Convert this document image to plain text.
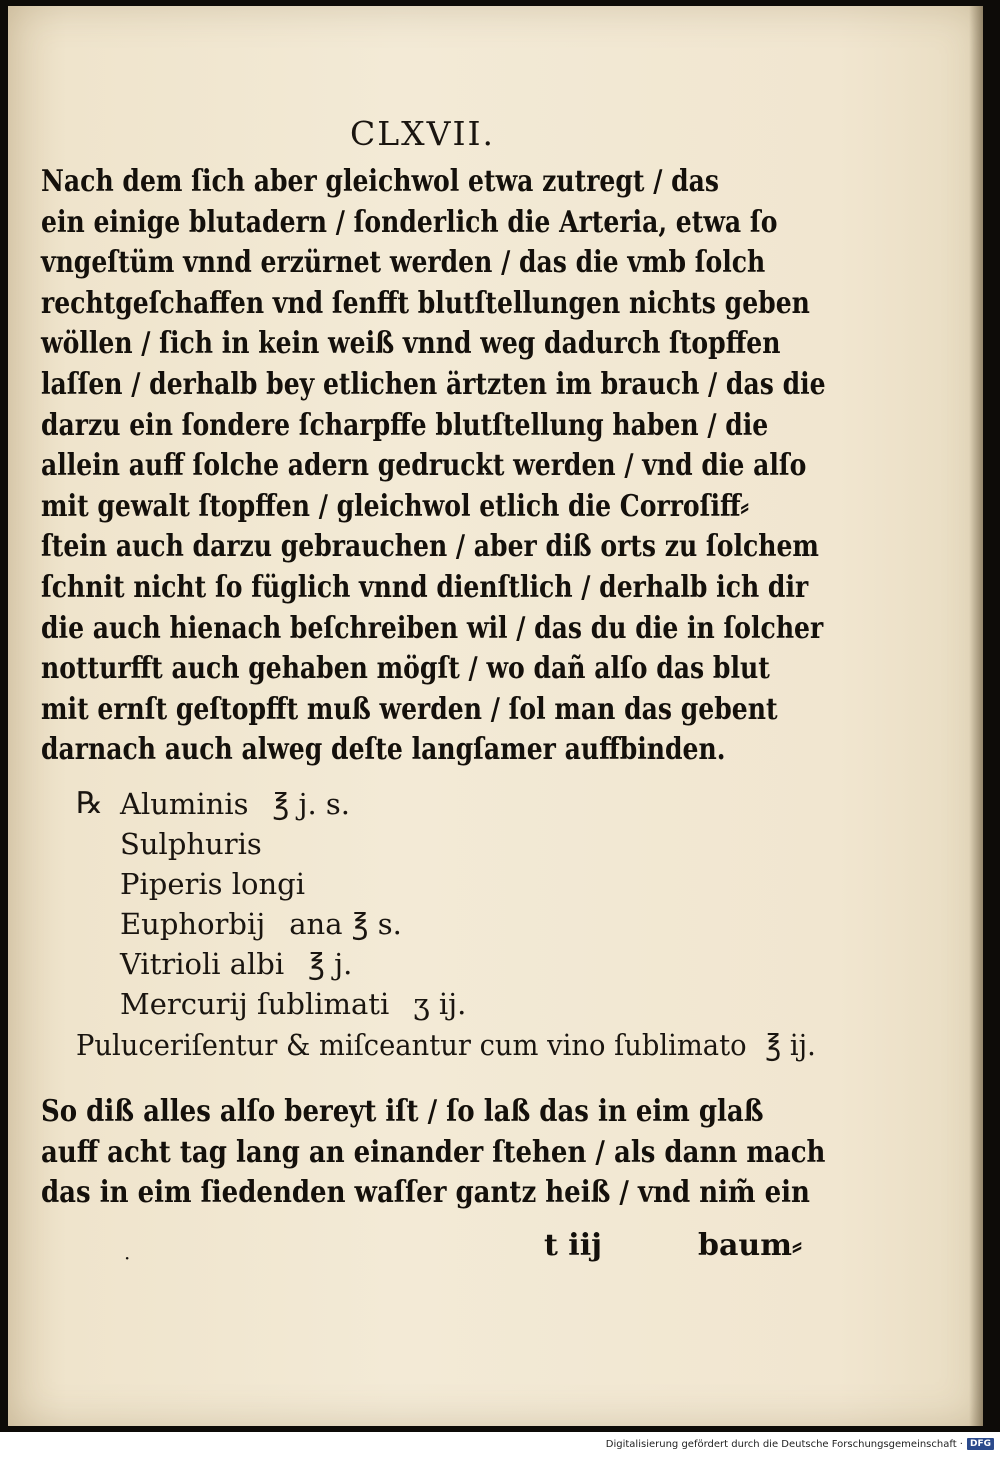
CLXVII.
Nach dem ſich aber gleichwol etwa zutregt / das
ein einige blutadern / ſonderlich die Arteria, etwa ſo
vngeſtüm vnnd erzürnet werden / das die vmb ſolch
rechtgeſchaffen vnd ſenfft blutſtellungen nichts geben
wöllen / ſich in kein weiß vnnd weg dadurch ſtopffen
laſſen / derhalb bey etlichen ärtzten im brauch / das die
darzu ein ſondere ſcharpffe blutſtellung haben / die
allein auff ſolche adern gedruckt werden / vnd die alſo
mit gewalt ſtopffen / gleichwol etlich die Corroſiff⸗
ſtein auch darzu gebrauchen / aber diß orts zu ſolchem
ſchnit nicht ſo füglich vnnd dienſtlich / derhalb ich dir
die auch hienach beſchreiben wil / das du die in ſolcher
notturfft auch gehaben mögſt / wo dañ alſo das blut
mit ernſt geſtopfft muß werden / ſol man das gebent
darnach auch alweg deſte langſamer auffbinden.
℞ Aluminis ℥ j. s.
Sulphuris
Piperis longi
Euphorbij ana ℥ s.
Vitrioli albi ℥ j.
Mercurij ſublimati ʒ ij.
Puluceriſentur & miſceantur cum vino ſublimato ℥ ij.
So diß alles alſo bereyt iſt / ſo laß das in eim glaß
auff acht tag lang an einander ſtehen / als dann mach
das in eim ſiedenden waſſer gantz heiß / vnd nim̃ ein
·	t iij	baum⸗
Digitalisierung gefördert durch die Deutsche Forschungsgemeinschaft · DFG
